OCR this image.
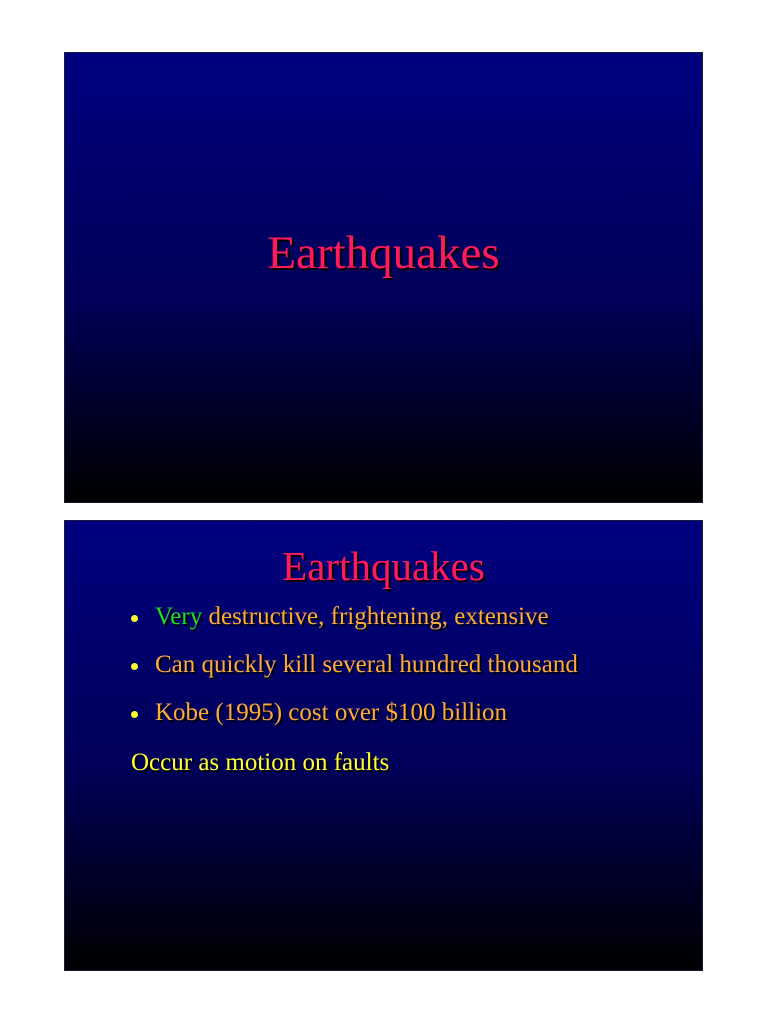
Earthquakes
Earthquakes
Very destructive, frightening, extensive
Can quickly kill several hundred thousand
Kobe (1995) cost over $100 billion
Occur as motion on faults
